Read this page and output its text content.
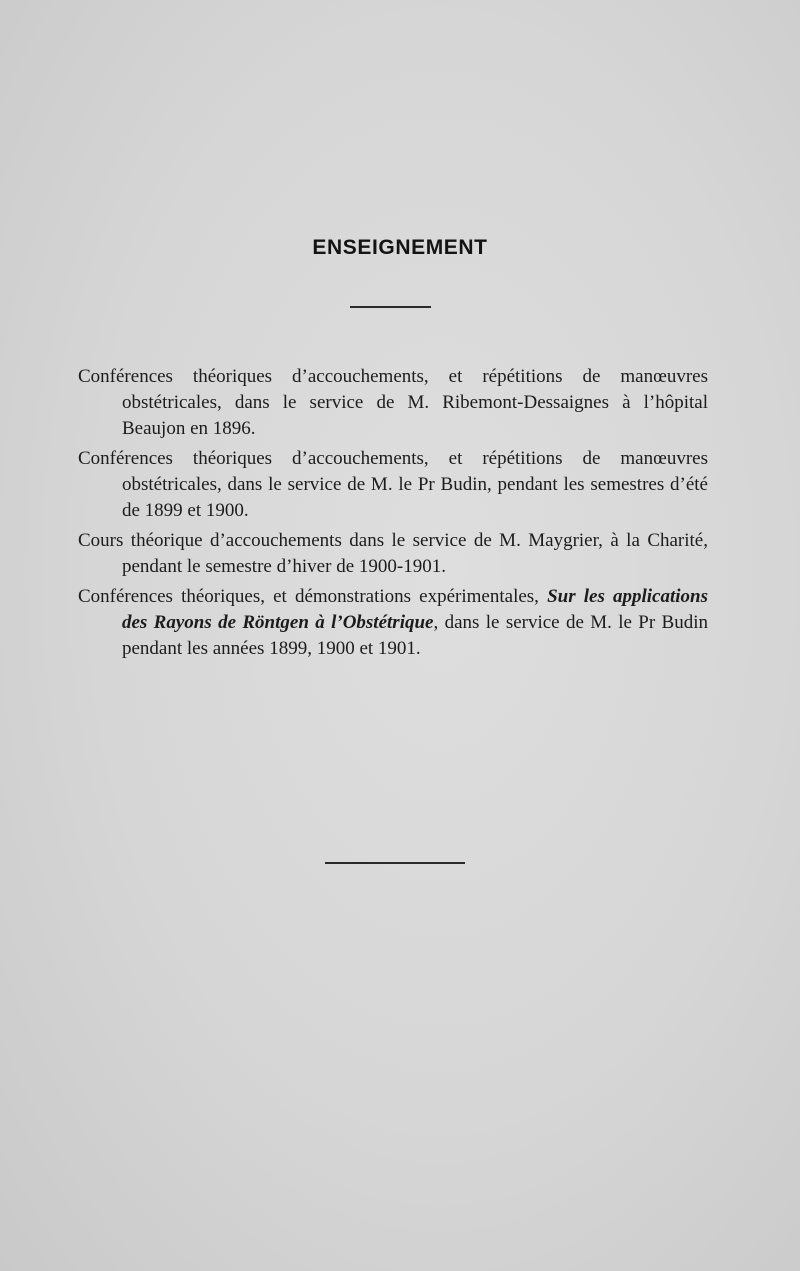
ENSEIGNEMENT

Conférences théoriques d’accouchements, et répétitions de manœuvres obstétricales, dans le service de M. Ribemont-Dessaignes à l’hôpital Beaujon en 1896.

Conférences théoriques d’accouchements, et répétitions de manœuvres obstétricales, dans le service de M. le Pr Budin, pendant les semestres d’été de 1899 et 1900.

Cours théorique d’accouchements dans le service de M. Maygrier, à la Charité, pendant le semestre d’hiver de 1900-1901.

Conférences théoriques, et démonstrations expérimentales, Sur les applications des Rayons de Röntgen à l’Obstétrique, dans le service de M. le Pr Budin pendant les années 1899, 1900 et 1901.
